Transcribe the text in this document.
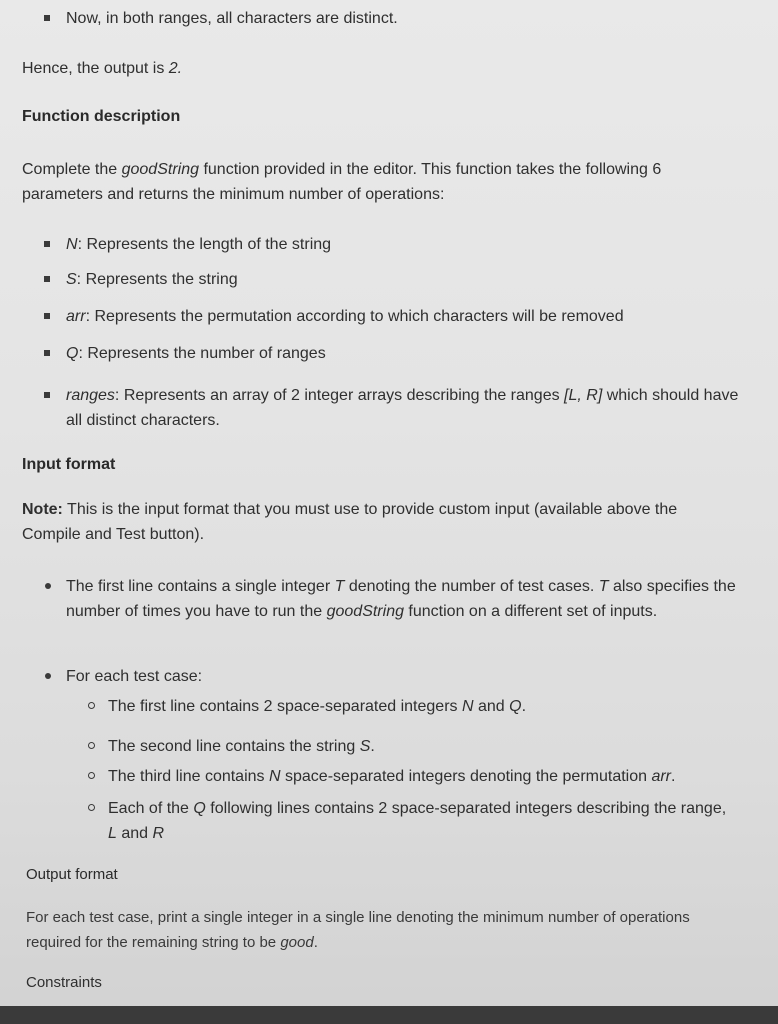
Now, in both ranges, all characters are distinct.
Hence, the output is 2.
Function description
Complete the goodString function provided in the editor. This function takes the following 6 parameters and returns the minimum number of operations:
N: Represents the length of the string
S: Represents the string
arr: Represents the permutation according to which characters will be removed
Q: Represents the number of ranges
ranges: Represents an array of 2 integer arrays describing the ranges [L, R] which should have all distinct characters.
Input format
Note: This is the input format that you must use to provide custom input (available above the Compile and Test button).
The first line contains a single integer T denoting the number of test cases. T also specifies the number of times you have to run the goodString function on a different set of inputs.
For each test case:
The first line contains 2 space-separated integers N and Q.
The second line contains the string S.
The third line contains N space-separated integers denoting the permutation arr.
Each of the Q following lines contains 2 space-separated integers describing the range, L and R
Output format
For each test case, print a single integer in a single line denoting the minimum number of operations required for the remaining string to be good.
Constraints
